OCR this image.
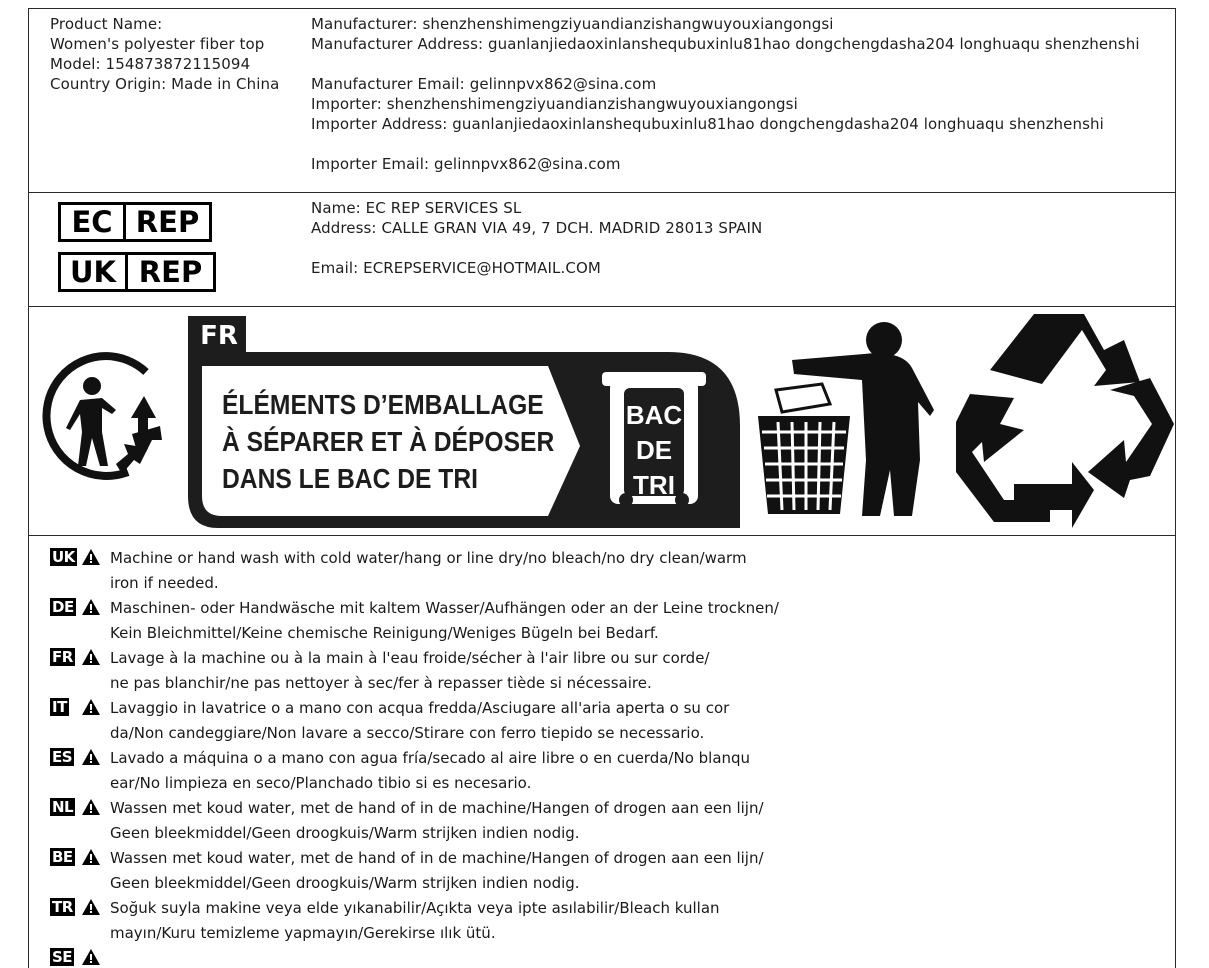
Product Name:
Women's polyester fiber top
Model: 154873872115094
Country Origin: Made in China
Manufacturer: shenzhenshimengziyuandianzishangwuyouxiangongsi
Manufacturer Address: guanlanjiedaoxinlanshequbuxinlu81hao dongchengdasha204 longhuaqu shenzhenshi
Manufacturer Email: gelinnpvx862@sina.com
Importer: shenzhenshimengziyuandianzishangwuyouxiangongsi
Importer Address: guanlanjiedaoxinlanshequbuxinlu81hao dongchengdasha204 longhuaqu shenzhenshi
Importer Email: gelinnpvx862@sina.com
EC REP
UK REP
Name: EC REP SERVICES SL
Address: CALLE GRAN VIA 49, 7 DCH. MADRID 28013 SPAIN
Email: ECREPSERVICE@HOTMAIL.COM
FR
ÉLÉMENTS D’EMBALLAGE
À SÉPARER ET À DÉPOSER
DANS LE BAC DE TRI
BAC
DE
TRI
UK Machine or hand wash with cold water/hang or line dry/no bleach/no dry clean/warm
iron if needed.
DE Maschinen- oder Handwäsche mit kaltem Wasser/Aufhängen oder an der Leine trocknen/
Kein Bleichmittel/Keine chemische Reinigung/Weniges Bügeln bei Bedarf.
FR Lavage à la machine ou à la main à l'eau froide/sécher à l'air libre ou sur corde/
ne pas blanchir/ne pas nettoyer à sec/fer à repasser tiède si nécessaire.
IT	Lavaggio in lavatrice o a mano con acqua fredda/Asciugare all'aria aperta o su cor
da/Non candeggiare/Non lavare a secco/Stirare con ferro tiepido se necessario.
ES	Lavado a máquina o a mano con agua fría/secado al aire libre o en cuerda/No blanqu
ear/No limpieza en seco/Planchado tibio si es necesario.
NL Wassen met koud water, met de hand of in de machine/Hangen of drogen aan een lijn/
Geen bleekmiddel/Geen droogkuis/Warm strijken indien nodig.
BE Wassen met koud water, met de hand of in de machine/Hangen of drogen aan een lijn/
Geen bleekmiddel/Geen droogkuis/Warm strijken indien nodig.
TR Soğuk suyla makine veya elde yıkanabilir/Açıkta veya ipte asılabilir/Bleach kullan
mayın/Kuru temizleme yapmayın/Gerekirse ılık ütü.
SE
